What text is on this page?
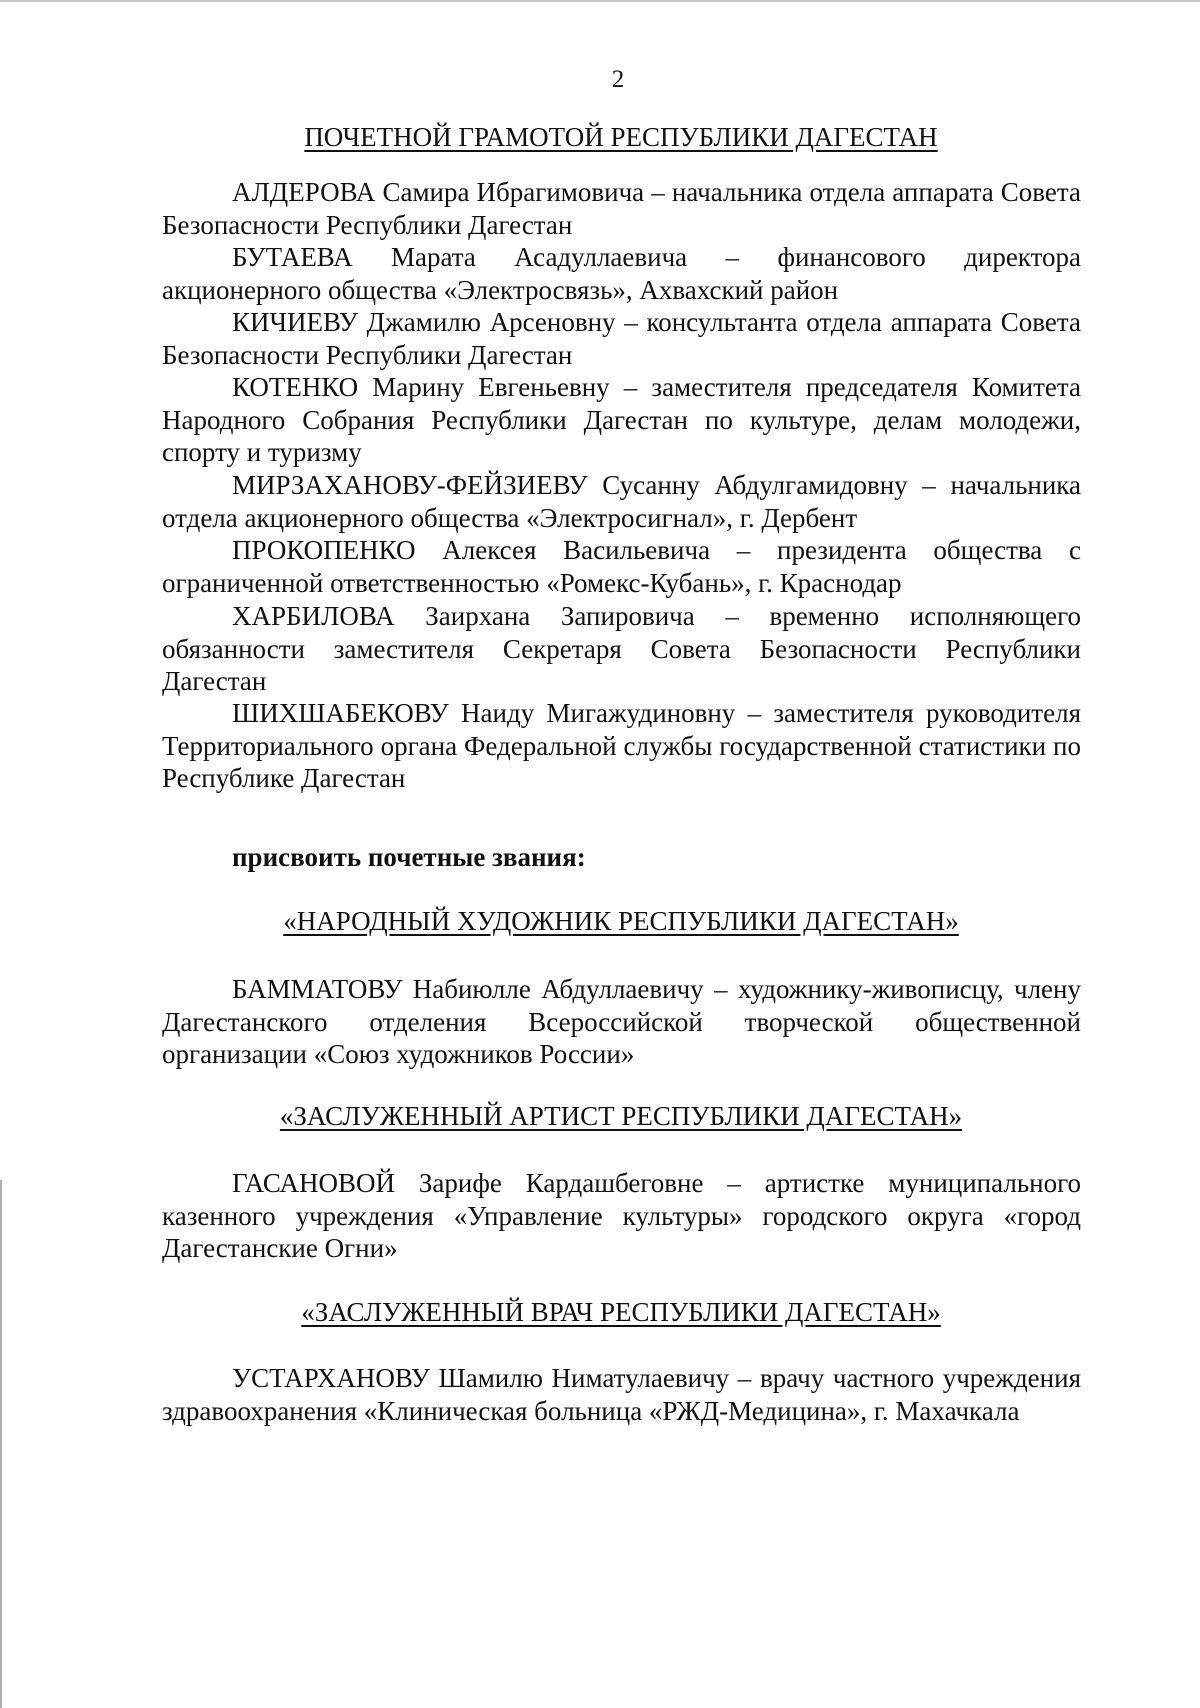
2
ПОЧЕТНОЙ ГРАМОТОЙ РЕСПУБЛИКИ ДАГЕСТАН
АЛДЕРОВА Самира Ибрагимовича – начальника отдела аппарата Совета Безопасности Республики Дагестан
БУТАЕВА Марата Асадуллаевича – финансового директора акционерного общества «Электросвязь», Ахвахский район
КИЧИЕВУ Джамилю Арсеновну – консультанта отдела аппарата Совета Безопасности Республики Дагестан
КОТЕНКО Марину Евгеньевну – заместителя председателя Комитета Народного Собрания Республики Дагестан по культуре, делам молодежи, спорту и туризму
МИРЗАХАНОВУ-ФЕЙЗИЕВУ Сусанну Абдулгамидовну – начальника отдела акционерного общества «Электросигнал», г. Дербент
ПРОКОПЕНКО Алексея Васильевича – президента общества с ограниченной ответственностью «Ромекс-Кубань», г. Краснодар
ХАРБИЛОВА Заирхана Запировича – временно исполняющего обязанности заместителя Секретаря Совета Безопасности Республики Дагестан
ШИХШАБЕКОВУ Наиду Мигажудиновну – заместителя руководителя Территориального органа Федеральной службы государственной статистики по Республике Дагестан
присвоить почетные звания:
«НАРОДНЫЙ ХУДОЖНИК РЕСПУБЛИКИ ДАГЕСТАН»
БАММАТОВУ Набиюлле Абдуллаевичу – художнику-живописцу, члену Дагестанского отделения Всероссийской творческой общественной организации «Союз художников России»
«ЗАСЛУЖЕННЫЙ АРТИСТ РЕСПУБЛИКИ ДАГЕСТАН»
ГАСАНОВОЙ Зарифе Кардашбеговне – артистке муниципального казенного учреждения «Управление культуры» городского округа «город Дагестанские Огни»
«ЗАСЛУЖЕННЫЙ ВРАЧ РЕСПУБЛИКИ ДАГЕСТАН»
УСТАРХАНОВУ Шамилю Ниматулаевичу – врачу частного учреждения здравоохранения «Клиническая больница «РЖД-Медицина», г. Махачкала
